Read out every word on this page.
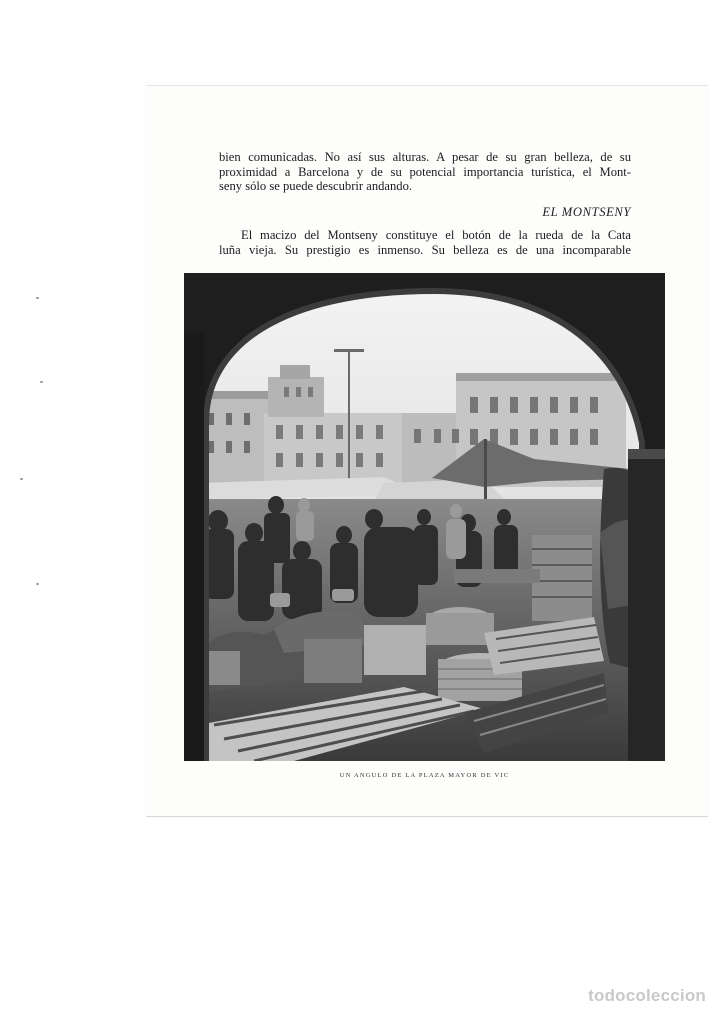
bien comunicadas. No así sus alturas. A pesar de su gran belleza, de su
proximidad a Barcelona y de su potencial importancia turística, el Mont-
seny sólo se puede descubrir andando.

EL MONTSENY

El macizo del Montseny constituye el botón de la rueda de la Cata
luña vieja. Su prestigio es inmenso. Su belleza es de una incomparable

UN ANGULO DE LA PLAZA MAYOR DE VIC

todocoleccion
